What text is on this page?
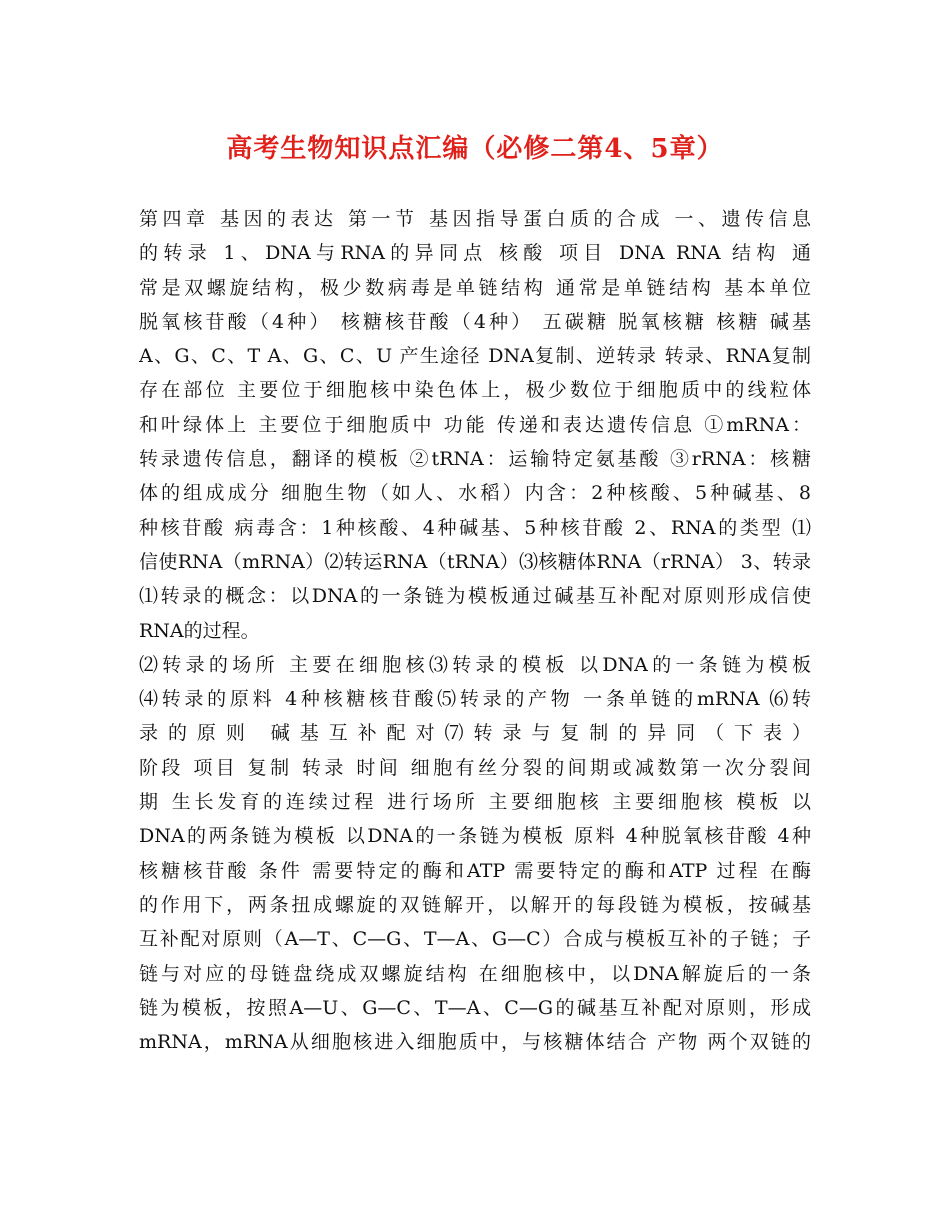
高考生物知识点汇编（必修二第4、5章）
第四章 基因的表达 第一节 基因指导蛋白质的合成 一、遗传信息
的转录 1、DNA与RNA的异同点 核酸 项目 DNA RNA 结构 通
常是双螺旋结构，极少数病毒是单链结构 通常是单链结构 基本单位
脱氧核苷酸（4种） 核糖核苷酸（4种） 五碳糖 脱氧核糖 核糖 碱基
A、G、C、T A、G、C、U 产生途径 DNA复制、逆转录 转录、RNA复制
存在部位 主要位于细胞核中染色体上，极少数位于细胞质中的线粒体
和叶绿体上 主要位于细胞质中 功能 传递和表达遗传信息 ①mRNA：
转录遗传信息，翻译的模板 ②tRNA：运输特定氨基酸 ③rRNA：核糖
体的组成成分 细胞生物（如人、水稻）内含：2种核酸、5种碱基、8
种核苷酸 病毒含：1种核酸、4种碱基、5种核苷酸 2、RNA的类型 ⑴
信使RNA（mRNA）⑵转运RNA（tRNA）⑶核糖体RNA（rRNA） 3、转录
⑴转录的概念：以DNA的一条链为模板通过碱基互补配对原则形成信使
RNA的过程。
⑵转录的场所 主要在细胞核⑶转录的模板 以DNA的一条链为模板
⑷转录的原料 4种核糖核苷酸⑸转录的产物 一条单链的mRNA ⑹转
录的原则 碱基互补配对⑺转录与复制的异同（下表）
阶段 项目 复制 转录 时间 细胞有丝分裂的间期或减数第一次分裂间
期 生长发育的连续过程 进行场所 主要细胞核 主要细胞核 模板 以
DNA的两条链为模板 以DNA的一条链为模板 原料 4种脱氧核苷酸 4种
核糖核苷酸 条件 需要特定的酶和ATP 需要特定的酶和ATP 过程 在酶
的作用下，两条扭成螺旋的双链解开，以解开的每段链为模板，按碱基
互补配对原则（A—T、C—G、T—A、G—C）合成与模板互补的子链；子
链与对应的母链盘绕成双螺旋结构 在细胞核中，以DNA解旋后的一条
链为模板，按照A—U、G—C、T—A、C—G的碱基互补配对原则，形成
mRNA，mRNA从细胞核进入细胞质中，与核糖体结合 产物 两个双链的
